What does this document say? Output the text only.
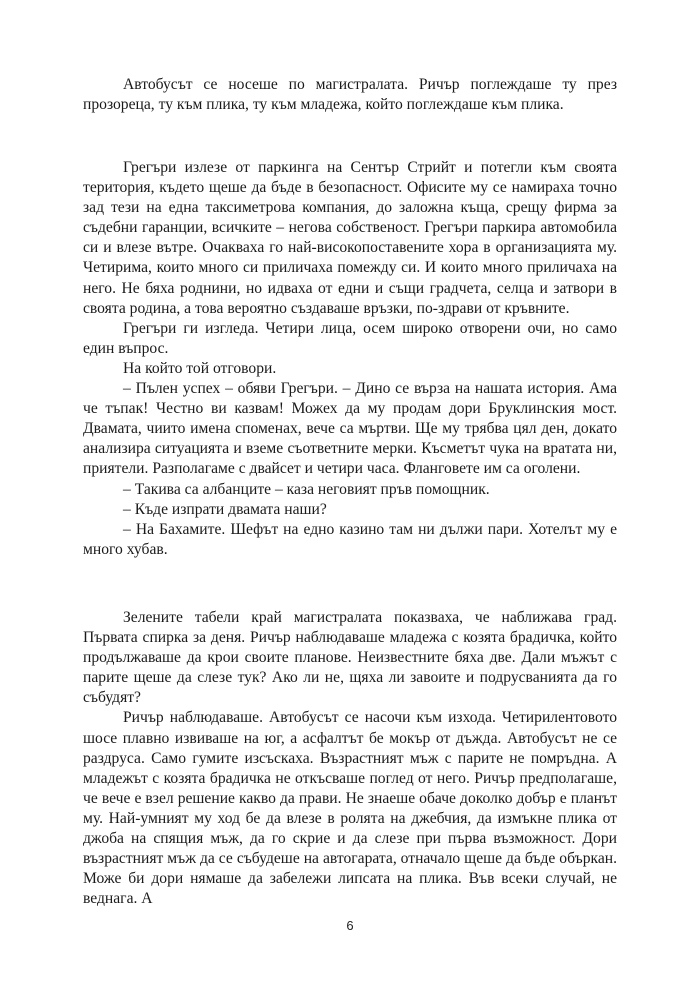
Автобусът се носеше по магистралата. Ричър поглеждаше ту през прозореца, ту към плика, ту към младежа, който поглеждаше към плика.

Грегъри излезе от паркинга на Сентър Стрийт и потегли към своята територия, където щеше да бъде в безопасност. Офисите му се намираха точно зад тези на една таксиметрова компания, до заложна къща, срещу фирма за съдебни гаранции, всичките – негова собственост. Грегъри паркира автомобила си и влезе вътре. Очакваха го най-високопоставените хора в организацията му. Четирима, които много си приличаха помежду си. И които много приличаха на него. Не бяха роднини, но идваха от едни и същи градчета, селца и затвори в своята родина, а това вероятно създаваше връзки, по-здрави от кръвните.

Грегъри ги изгледа. Четири лица, осем широко отворени очи, но само един въпрос.

На който той отговори.

– Пълен успех – обяви Грегъри. – Дино се върза на нашата история. Ама че тъпак! Честно ви казвам! Можех да му продам дори Бруклинския мост. Двамата, чиито имена споменах, вече са мъртви. Ще му трябва цял ден, докато анализира ситуацията и вземе съответните мерки. Късметът чука на вратата ни, приятели. Разполагаме с двайсет и четири часа. Фланговете им са оголени.

– Такива са албанците – каза неговият пръв помощник.

– Къде изпрати двамата наши?

– На Бахамите. Шефът на едно казино там ни дължи пари. Хотелът му е много хубав.

Зелените табели край магистралата показваха, че наближава град. Първата спирка за деня. Ричър наблюдаваше младежа с козята брадичка, който продължаваше да крои своите планове. Неизвестните бяха две. Дали мъжът с парите щеше да слезе тук? Ако ли не, щяха ли завоите и подрусванията да го събудят?

Ричър наблюдаваше. Автобусът се насочи към изхода. Четирилентовото шосе плавно извиваше на юг, а асфалтът бе мокър от дъжда. Автобусът не се раздруса. Само гумите изсъскаха. Възрастният мъж с парите не помръдна. А младежът с козята брадичка не откъсваше поглед от него. Ричър предполагаше, че вече е взел решение какво да прави. Не знаеше обаче доколко добър е планът му. Най-умният му ход бе да влезе в ролята на джебчия, да измъкне плика от джоба на спящия мъж, да го скрие и да слезе при първа възможност. Дори възрастният мъж да се събудеше на автогарата, отначало щеше да бъде объркан. Може би дори нямаше да забележи липсата на плика. Във всеки случай, не веднага. А

6
